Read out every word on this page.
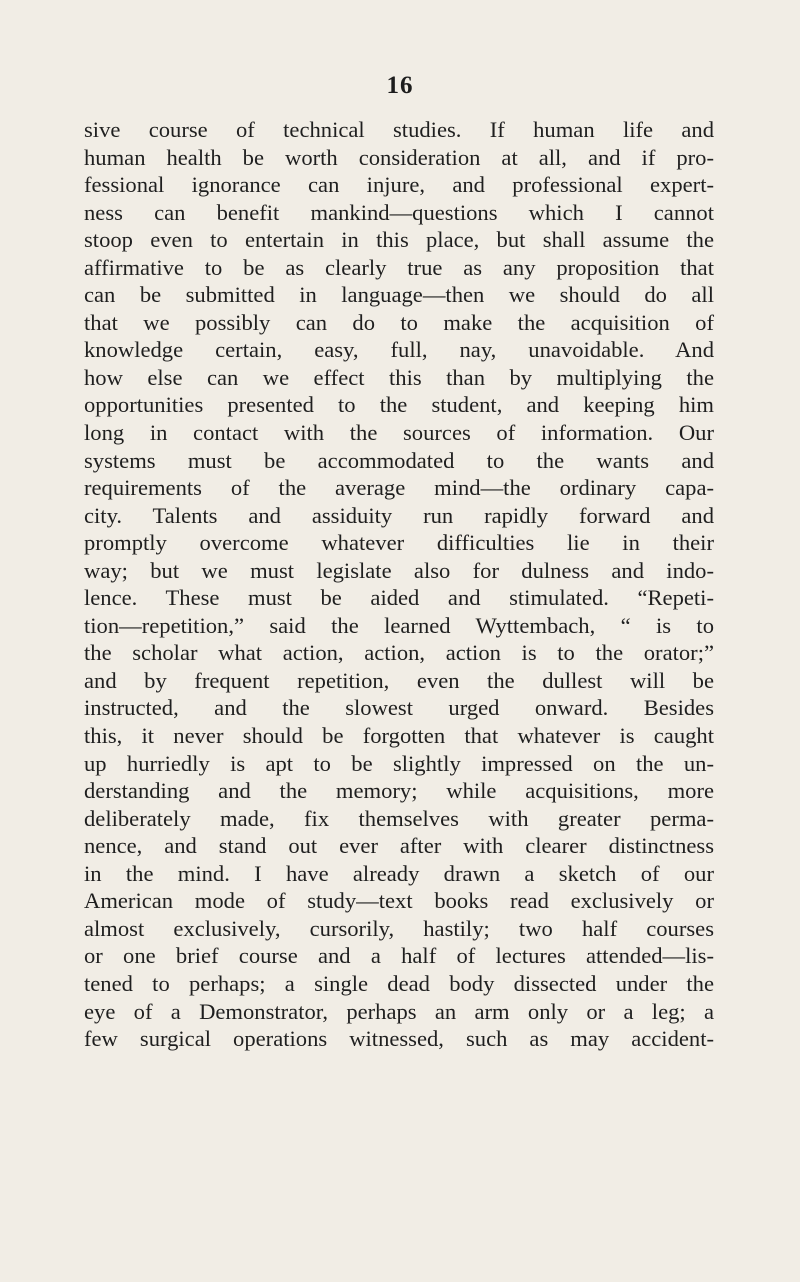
16
sive course of technical studies. If human life and
human health be worth consideration at all, and if pro-
fessional ignorance can injure, and professional expert-
ness can benefit mankind—questions which I cannot
stoop even to entertain in this place, but shall assume the
affirmative to be as clearly true as any proposition that
can be submitted in language—then we should do all
that we possibly can do to make the acquisition of
knowledge certain, easy, full, nay, unavoidable. And
how else can we effect this than by multiplying the
opportunities presented to the student, and keeping him
long in contact with the sources of information. Our
systems must be accommodated to the wants and
requirements of the average mind—the ordinary capa-
city. Talents and assiduity run rapidly forward and
promptly overcome whatever difficulties lie in their
way; but we must legislate also for dulness and indo-
lence. These must be aided and stimulated. “Repeti-
tion—repetition,” said the learned Wyttembach, “ is to
the scholar what action, action, action is to the orator;”
and by frequent repetition, even the dullest will be
instructed, and the slowest urged onward. Besides
this, it never should be forgotten that whatever is caught
up hurriedly is apt to be slightly impressed on the un-
derstanding and the memory; while acquisitions, more
deliberately made, fix themselves with greater perma-
nence, and stand out ever after with clearer distinctness
in the mind. I have already drawn a sketch of our
American mode of study—text books read exclusively or
almost exclusively, cursorily, hastily; two half courses
or one brief course and a half of lectures attended—lis-
tened to perhaps; a single dead body dissected under the
eye of a Demonstrator, perhaps an arm only or a leg; a
few surgical operations witnessed, such as may accident-
